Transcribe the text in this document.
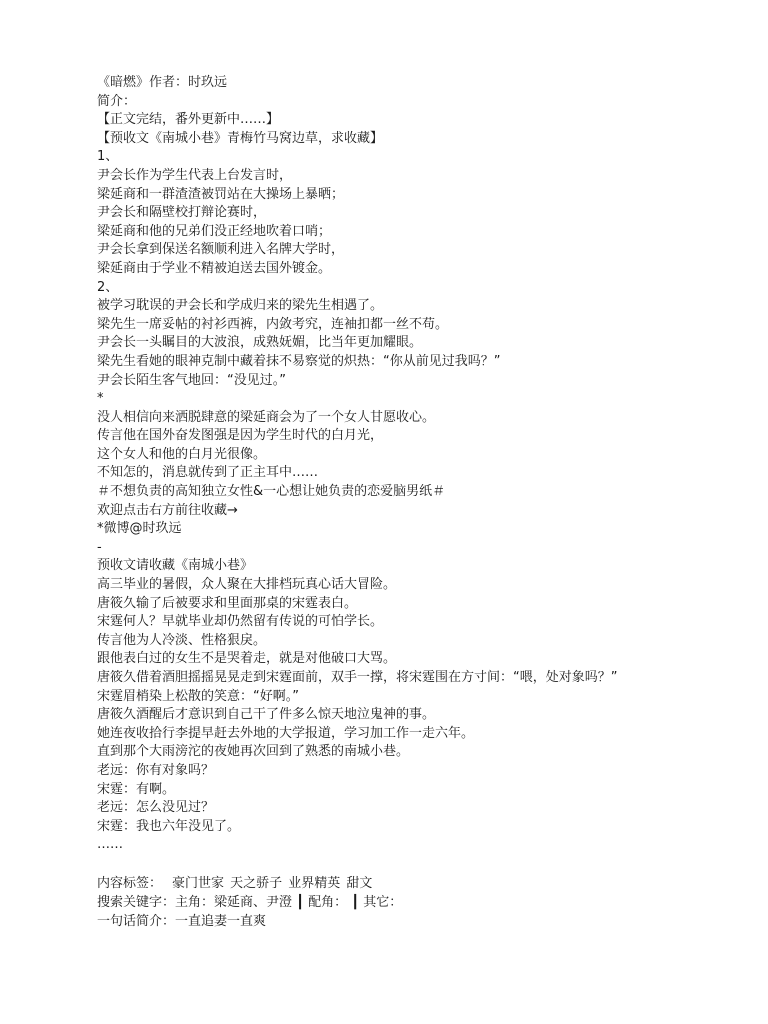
《暗燃》作者：时玖远
简介：
【正文完结，番外更新中……】
【预收文《南城小巷》青梅竹马窝边草，求收藏】
1、
尹会长作为学生代表上台发言时，
梁延商和一群渣渣被罚站在大操场上暴晒；
尹会长和隔壁校打辩论赛时，
梁延商和他的兄弟们没正经地吹着口哨；
尹会长拿到保送名额顺利进入名牌大学时，
梁延商由于学业不精被迫送去国外镀金。
2、
被学习耽误的尹会长和学成归来的梁先生相遇了。
梁先生一席妥帖的衬衫西裤，内敛考究，连袖扣都一丝不苟。
尹会长一头瞩目的大波浪，成熟妩媚，比当年更加耀眼。
梁先生看她的眼神克制中藏着抹不易察觉的炽热：“你从前见过我吗？”
尹会长陌生客气地回：“没见过。”
*
没人相信向来洒脱肆意的梁延商会为了一个女人甘愿收心。
传言他在国外奋发图强是因为学生时代的白月光，
这个女人和他的白月光很像。
不知怎的，消息就传到了正主耳中……
＃不想负责的高知独立女性&一心想让她负责的恋爱脑男纸＃
欢迎点击右方前往收藏→
*微博@时玖远
-
预收文请收藏《南城小巷》
高三毕业的暑假，众人聚在大排档玩真心话大冒险。
唐筱久输了后被要求和里面那桌的宋霆表白。
宋霆何人？早就毕业却仍然留有传说的可怕学长。
传言他为人冷淡、性格狠戾。
跟他表白过的女生不是哭着走，就是对他破口大骂。
唐筱久借着酒胆摇摇晃晃走到宋霆面前，双手一撑，将宋霆围在方寸间：“喂，处对象吗？”
宋霆眉梢染上松散的笑意：“好啊。”
唐筱久酒醒后才意识到自己干了件多么惊天地泣鬼神的事。
她连夜收拾行李提早赶去外地的大学报道，学习加工作一走六年。
直到那个大雨滂沱的夜她再次回到了熟悉的南城小巷。
老远：你有对象吗？
宋霆：有啊。
老远：怎么没见过？
宋霆：我也六年没见了。
……
内容标签： 豪门世家 天之骄子 业界精英 甜文
搜索关键字：主角：梁延商、尹澄 ┃ 配角： ┃ 其它：
一句话简介：一直追妻一直爽
